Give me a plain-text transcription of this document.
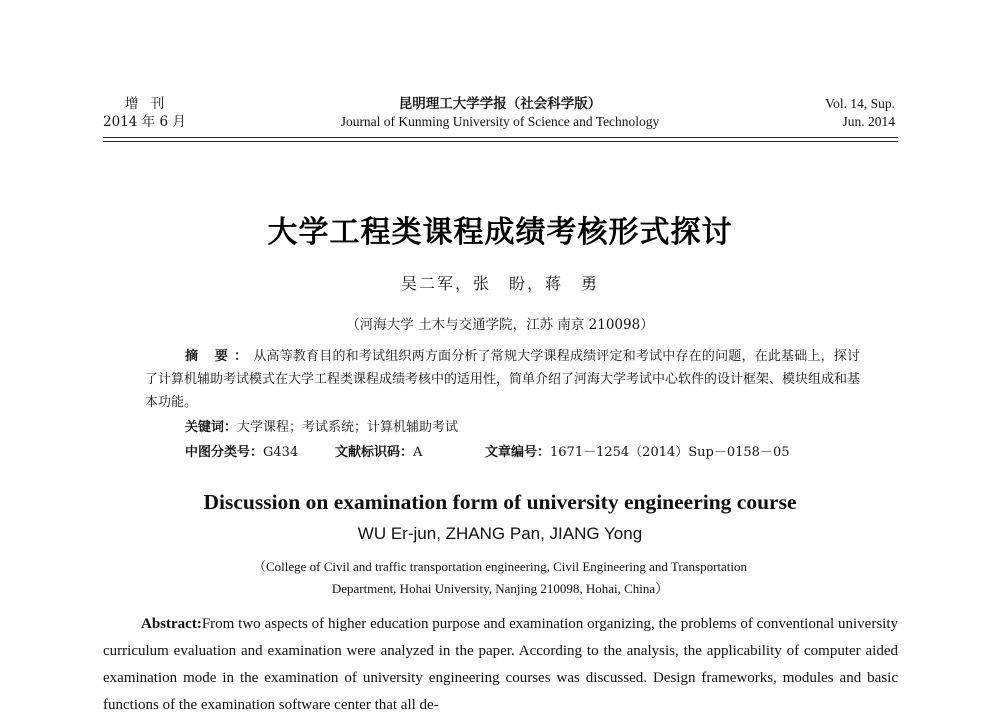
增 刊
2014 年 6 月
昆明理工大学学报（社会科学版）
Journal of Kunming University of Science and Technology
Vol. 14, Sup.
Jun. 2014
大学工程类课程成绩考核形式探讨
吴二军，张　盼，蒋　勇
（河海大学 土木与交通学院，江苏 南京 210098）

摘 要：从高等教育目的和考试组织两方面分析了常规大学课程成绩评定和考试中存在的问题，在此基础上，探讨了计算机辅助考试模式在大学工程类课程成绩考核中的适用性，简单介绍了河海大学考试中心软件的设计框架、模块组成和基本功能。

关键词：大学课程；考试系统；计算机辅助考试
中图分类号：G434	文献标识码：A	文章编号：1671－1254（2014）Sup－0158－05
Discussion on examination form of university engineering course
WU Er-jun, ZHANG Pan, JIANG Yong
（College of Civil and traffic transportation engineering, Civil Engineering and Transportation
Department, Hohai University, Nanjing 210098, Hohai, China）

Abstract:From two aspects of higher education purpose and examination organizing, the problems of conventional university curriculum evaluation and examination were analyzed in the paper. According to the analysis, the applicability of computer aided examination mode in the examination of university engineering courses was discussed. Design frameworks, modules and basic functions of the examination software center that all de-
